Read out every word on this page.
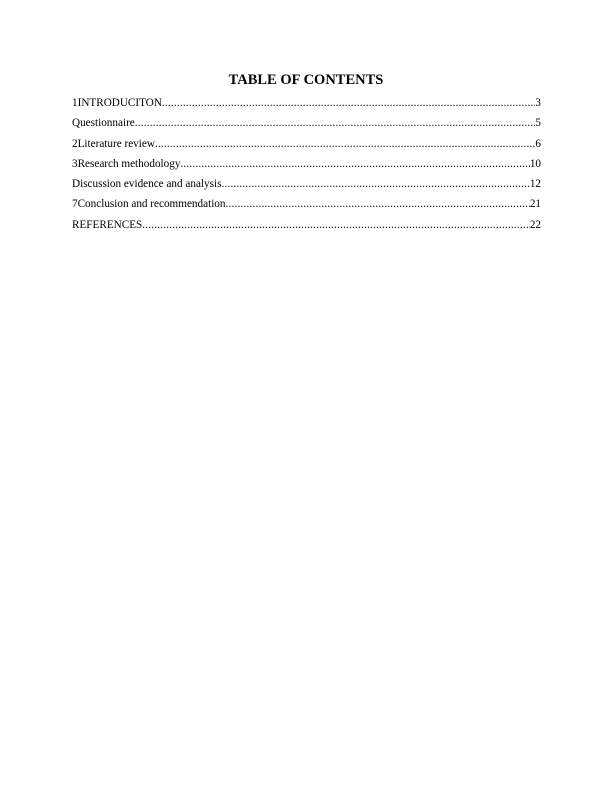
TABLE OF CONTENTS
1INTRODUCITON .....	3
Questionnaire .....	5
2Literature review .....	6
3Research methodology .....	10
Discussion evidence and analysis .....	12
7Conclusion and recommendation .....	21
REFERENCES .....	22
